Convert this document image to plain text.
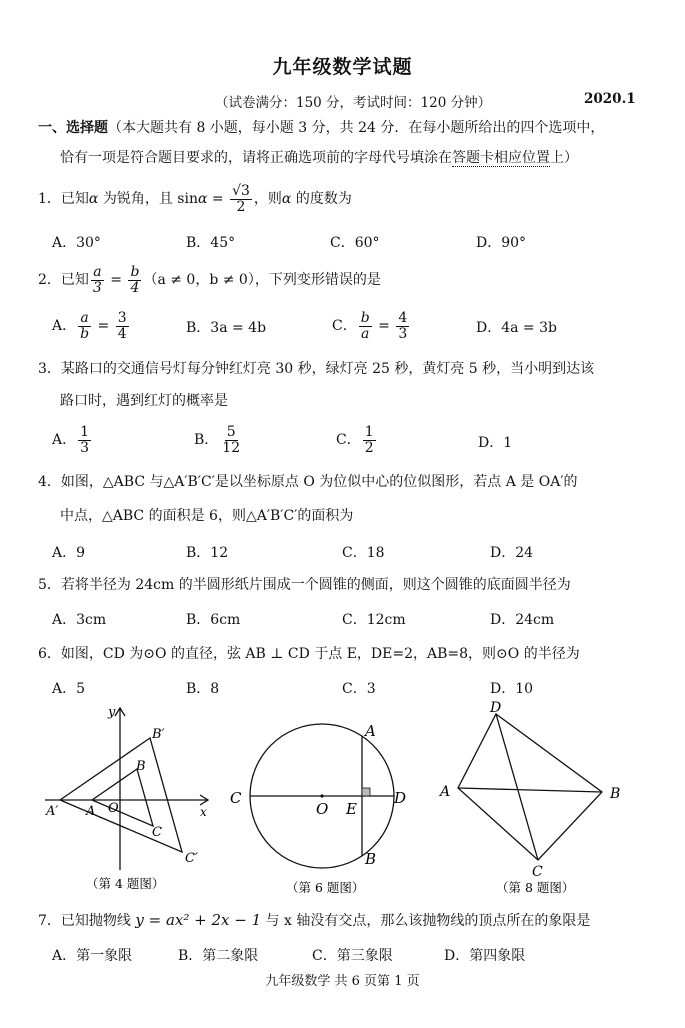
九年级数学试题
（试卷满分：150 分，考试时间：120 分钟）	2020.1
一、选择题（本大题共有 8 小题，每小题 3 分，共 24 分．在每小题所给出的四个选项中，
恰有一项是符合题目要求的，请将正确选项前的字母代号填涂在答题卡相应位置上）
1．已知α 为锐角，且 $\sin\alpha = \frac{√3}{2}$ ，则α 的度数为
A．30°	B．45°	C．60°	D．90°
2．已知 $\frac{a}{3} = \frac{b}{4} (a \ne 0$，b ≠ 0），下列变形错误的是
A． $\frac{a}{b} = \frac{3}{4}$	B．3a = 4b	C． $\frac{b}{a} = \frac{4}{3}$	D．4a = 3b
3．某路口的交通信号灯每分钟红灯亮 30 秒，绿灯亮 25 秒，黄灯亮 5 秒，当小明到达该
路口时，遇到红灯的概率是
A． $\frac{1}{3}$	B． $\frac{5}{12}$	C． $\frac{1}{2}$	D．1
4．如图，△ABC 与△A′B′C′是以坐标原点 O 为位似中心的位似图形，若点 A 是 OA′的
中点，△ABC 的面积是 6，则△A′B′C′的面积为
A．9	B．12	C．18	D．24
5．若将半径为 24cm 的半圆形纸片围成一个圆锥的侧面，则这个圆锥的底面圆半径为
A．3cm	B．6cm	C．12cm	D．24cm
6．如图，CD 为⊙O 的直径，弦 AB ⊥ CD 于点 E，DE=2，AB=8，则⊙O 的半径为
A．5	B．8	C．3	D．10
y
x
O
A
A′
B
B′
C
C′
（第 4 题图）
A
B
C	D
O E
（第 6 题图）
D
A	B
C
（第 8 题图）
7．已知抛物线 y = ax² + 2x − 1 与 x 轴没有交点，那么该抛物线的顶点所在的象限是
A．第一象限	B．第二象限	C．第三象限	D．第四象限
九年级数学 共 6 页第 1 页
